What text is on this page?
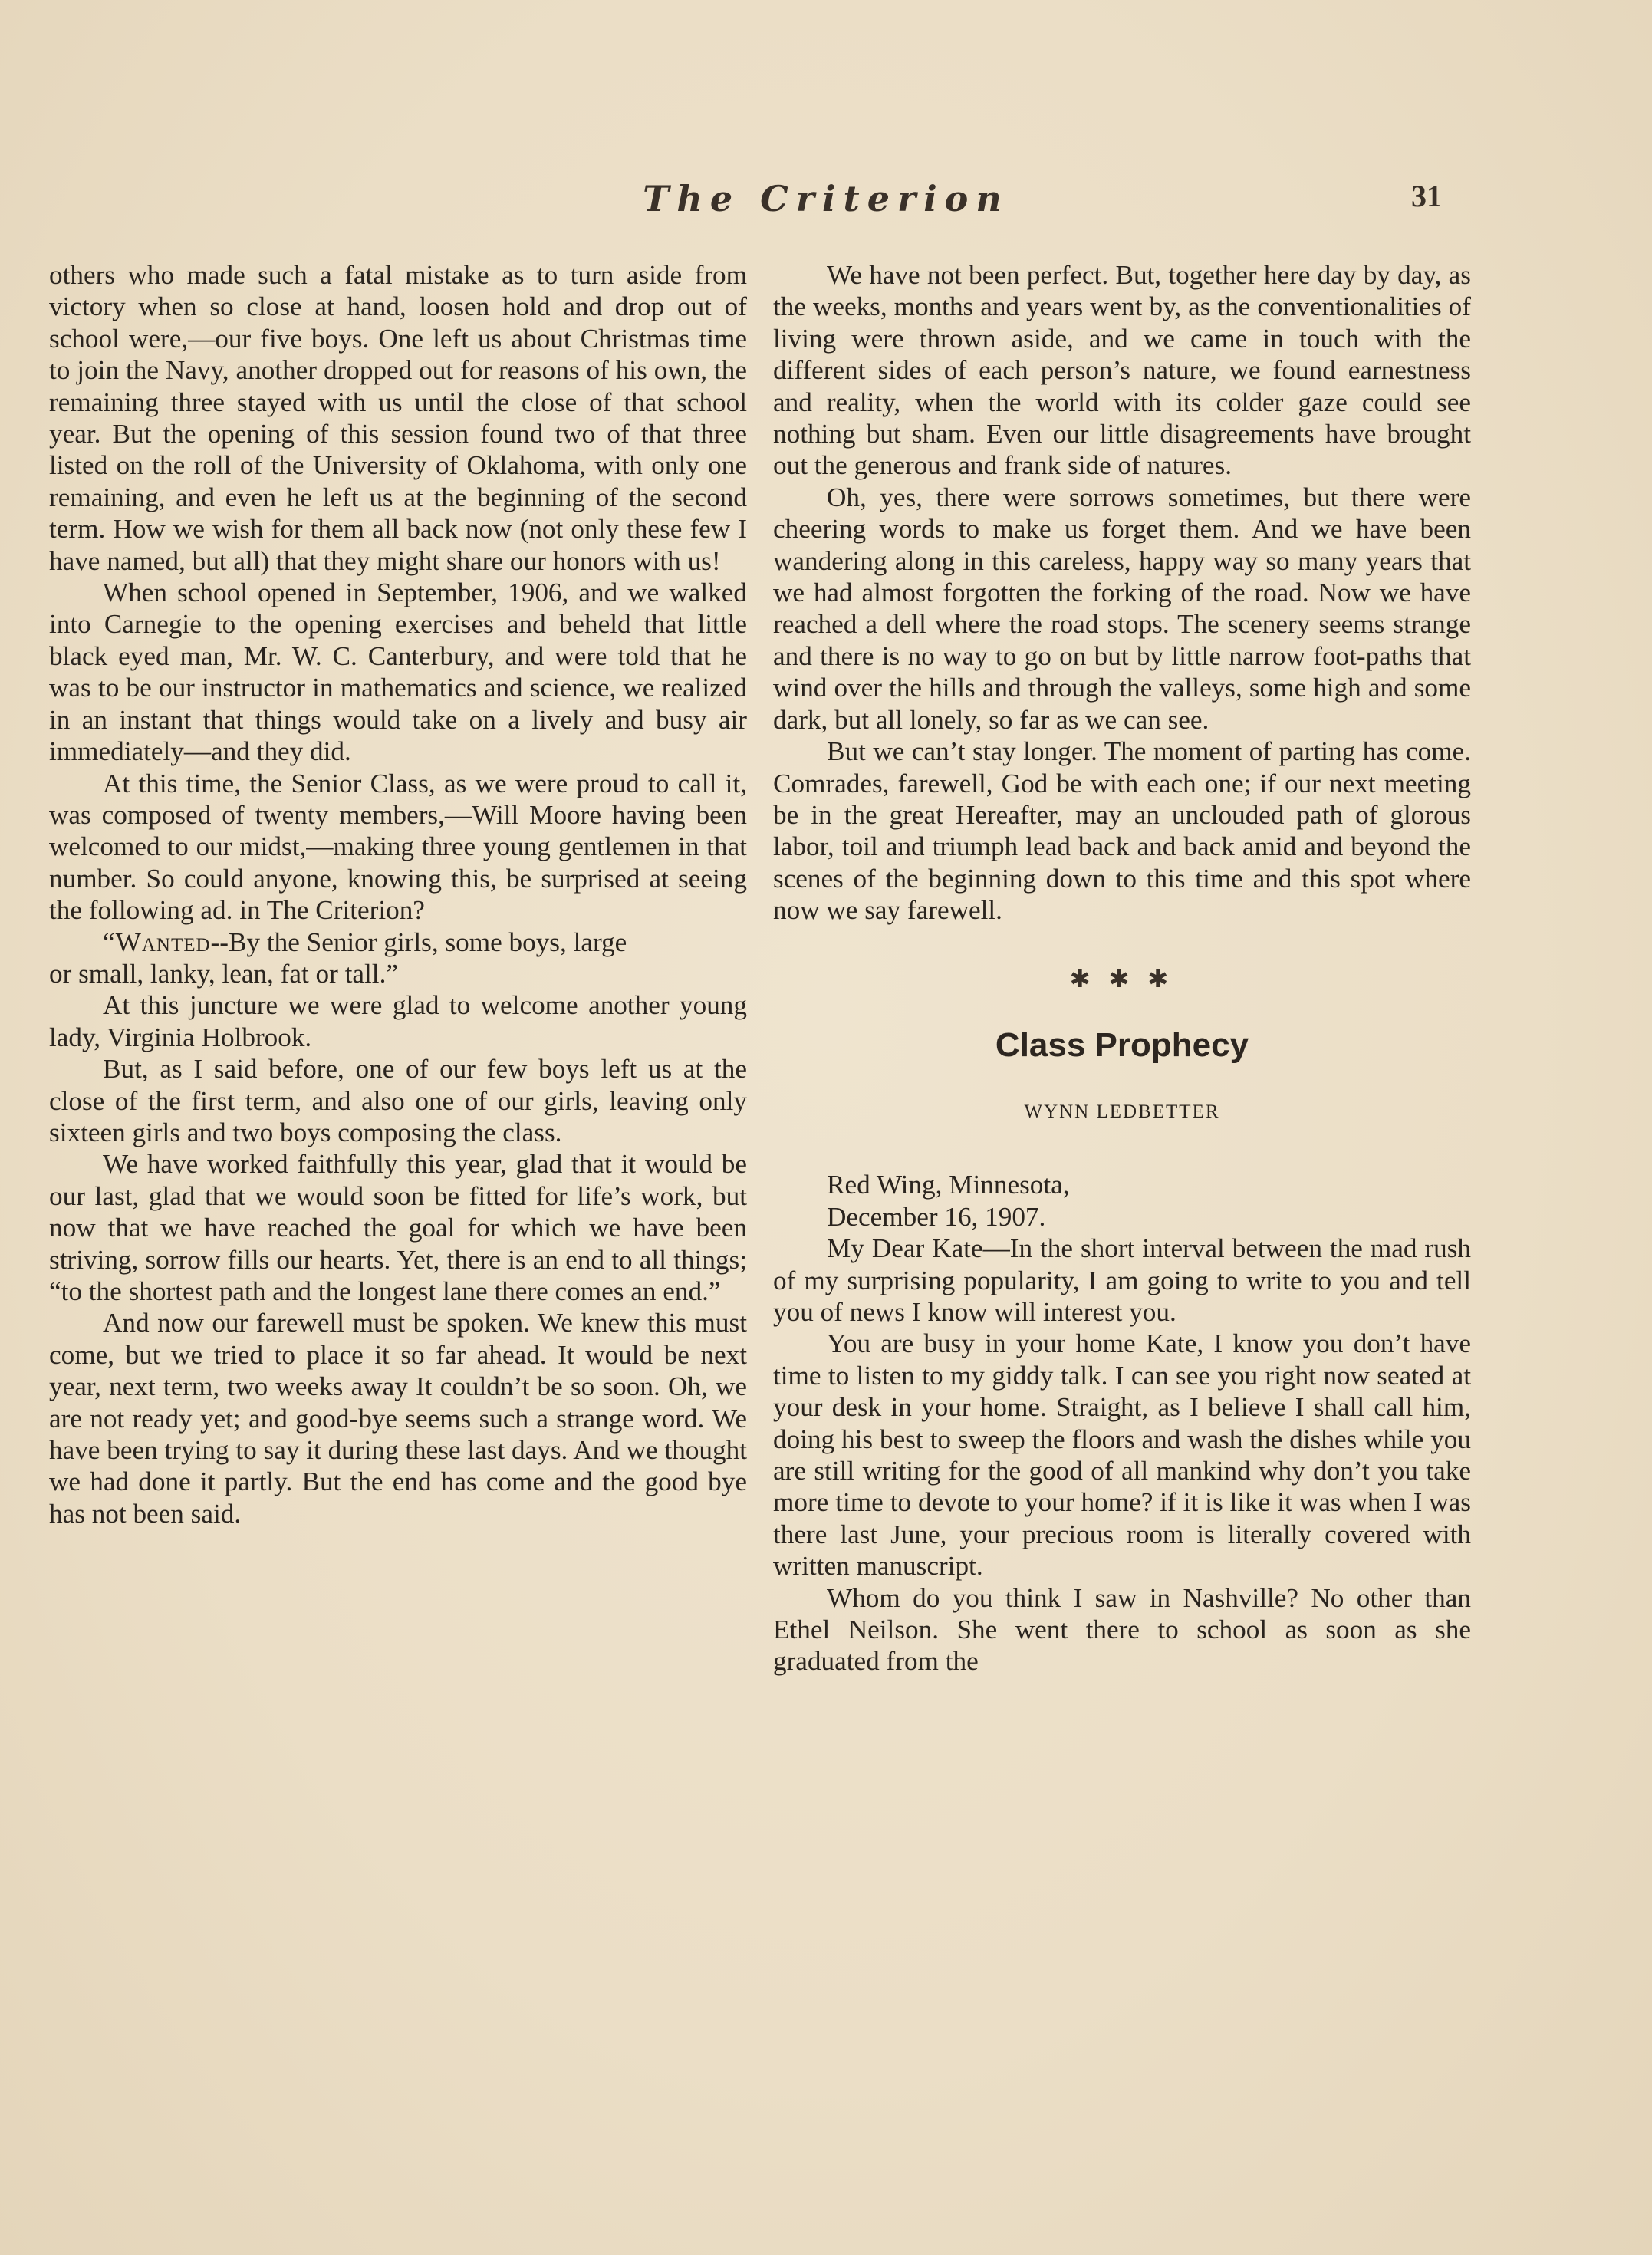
The Criterion	31

others who made such a fatal mistake as to turn aside from victory when so close at hand, loosen hold and drop out of school were,—our five boys. One left us about Christmas time to join the Navy, another dropped out for reasons of his own, the remaining three stayed with us until the close of that school year. But the opening of this session found two of that three listed on the roll of the University of Oklahoma, with only one remaining, and even he left us at the beginning of the second term. How we wish for them all back now (not only these few I have named, but all) that they might share our honors with us!

When school opened in September, 1906, and we walked into Carnegie to the opening exercises and beheld that little black eyed man, Mr. W. C. Canterbury, and were told that he was to be our instructor in mathematics and science, we realized in an instant that things would take on a lively and busy air immediately—and they did.

At this time, the Senior Class, as we were proud to call it, was composed of twenty members,—Will Moore having been welcomed to our midst,—making three young gentlemen in that number. So could anyone, knowing this, be surprised at seeing the following ad. in The Criterion?

“Wanted--By the Senior girls, some boys, large or small, lanky, lean, fat or tall.”

At this juncture we were glad to welcome another young lady, Virginia Holbrook.

But, as I said before, one of our few boys left us at the close of the first term, and also one of our girls, leaving only sixteen girls and two boys composing the class.

We have worked faithfully this year, glad that it would be our last, glad that we would soon be fitted for life’s work, but now that we have reached the goal for which we have been striving, sorrow fills our hearts. Yet, there is an end to all things; “to the shortest path and the longest lane there comes an end.”

And now our farewell must be spoken. We knew this must come, but we tried to place it so far ahead. It would be next year, next term, two weeks away It couldn’t be so soon. Oh, we are not ready yet; and good-bye seems such a strange word. We have been trying to say it during these last days. And we thought we had done it partly. But the end has come and the good bye has not been said.

We have not been perfect. But, together here day by day, as the weeks, months and years went by, as the conventionalities of living were thrown aside, and we came in touch with the different sides of each person’s nature, we found earnestness and reality, when the world with its colder gaze could see nothing but sham. Even our little disagreements have brought out the generous and frank side of natures.

Oh, yes, there were sorrows sometimes, but there were cheering words to make us forget them. And we have been wandering along in this careless, happy way so many years that we had almost forgotten the forking of the road. Now we have reached a dell where the road stops. The scenery seems strange and there is no way to go on but by little narrow foot-paths that wind over the hills and through the valleys, some high and some dark, but all lonely, so far as we can see.

But we can’t stay longer. The moment of parting has come. Comrades, farewell, God be with each one; if our next meeting be in the great Hereafter, may an unclouded path of glorous labor, toil and triumph lead back and back amid and beyond the scenes of the beginning down to this time and this spot where now we say farewell.

✱ ✱ ✱
Class Prophecy
WYNN LEDBETTER

Red Wing, Minnesota,

December 16, 1907.

My Dear Kate—In the short interval between the mad rush of my surprising popularity, I am going to write to you and tell you of news I know will interest you.

You are busy in your home Kate, I know you don’t have time to listen to my giddy talk. I can see you right now seated at your desk in your home. Straight, as I believe I shall call him, doing his best to sweep the floors and wash the dishes while you are still writing for the good of all mankind why don’t you take more time to devote to your home? if it is like it was when I was there last June, your precious room is literally covered with written manuscript.

Whom do you think I saw in Nashville? No other than Ethel Neilson. She went there to school as soon as she graduated from the
